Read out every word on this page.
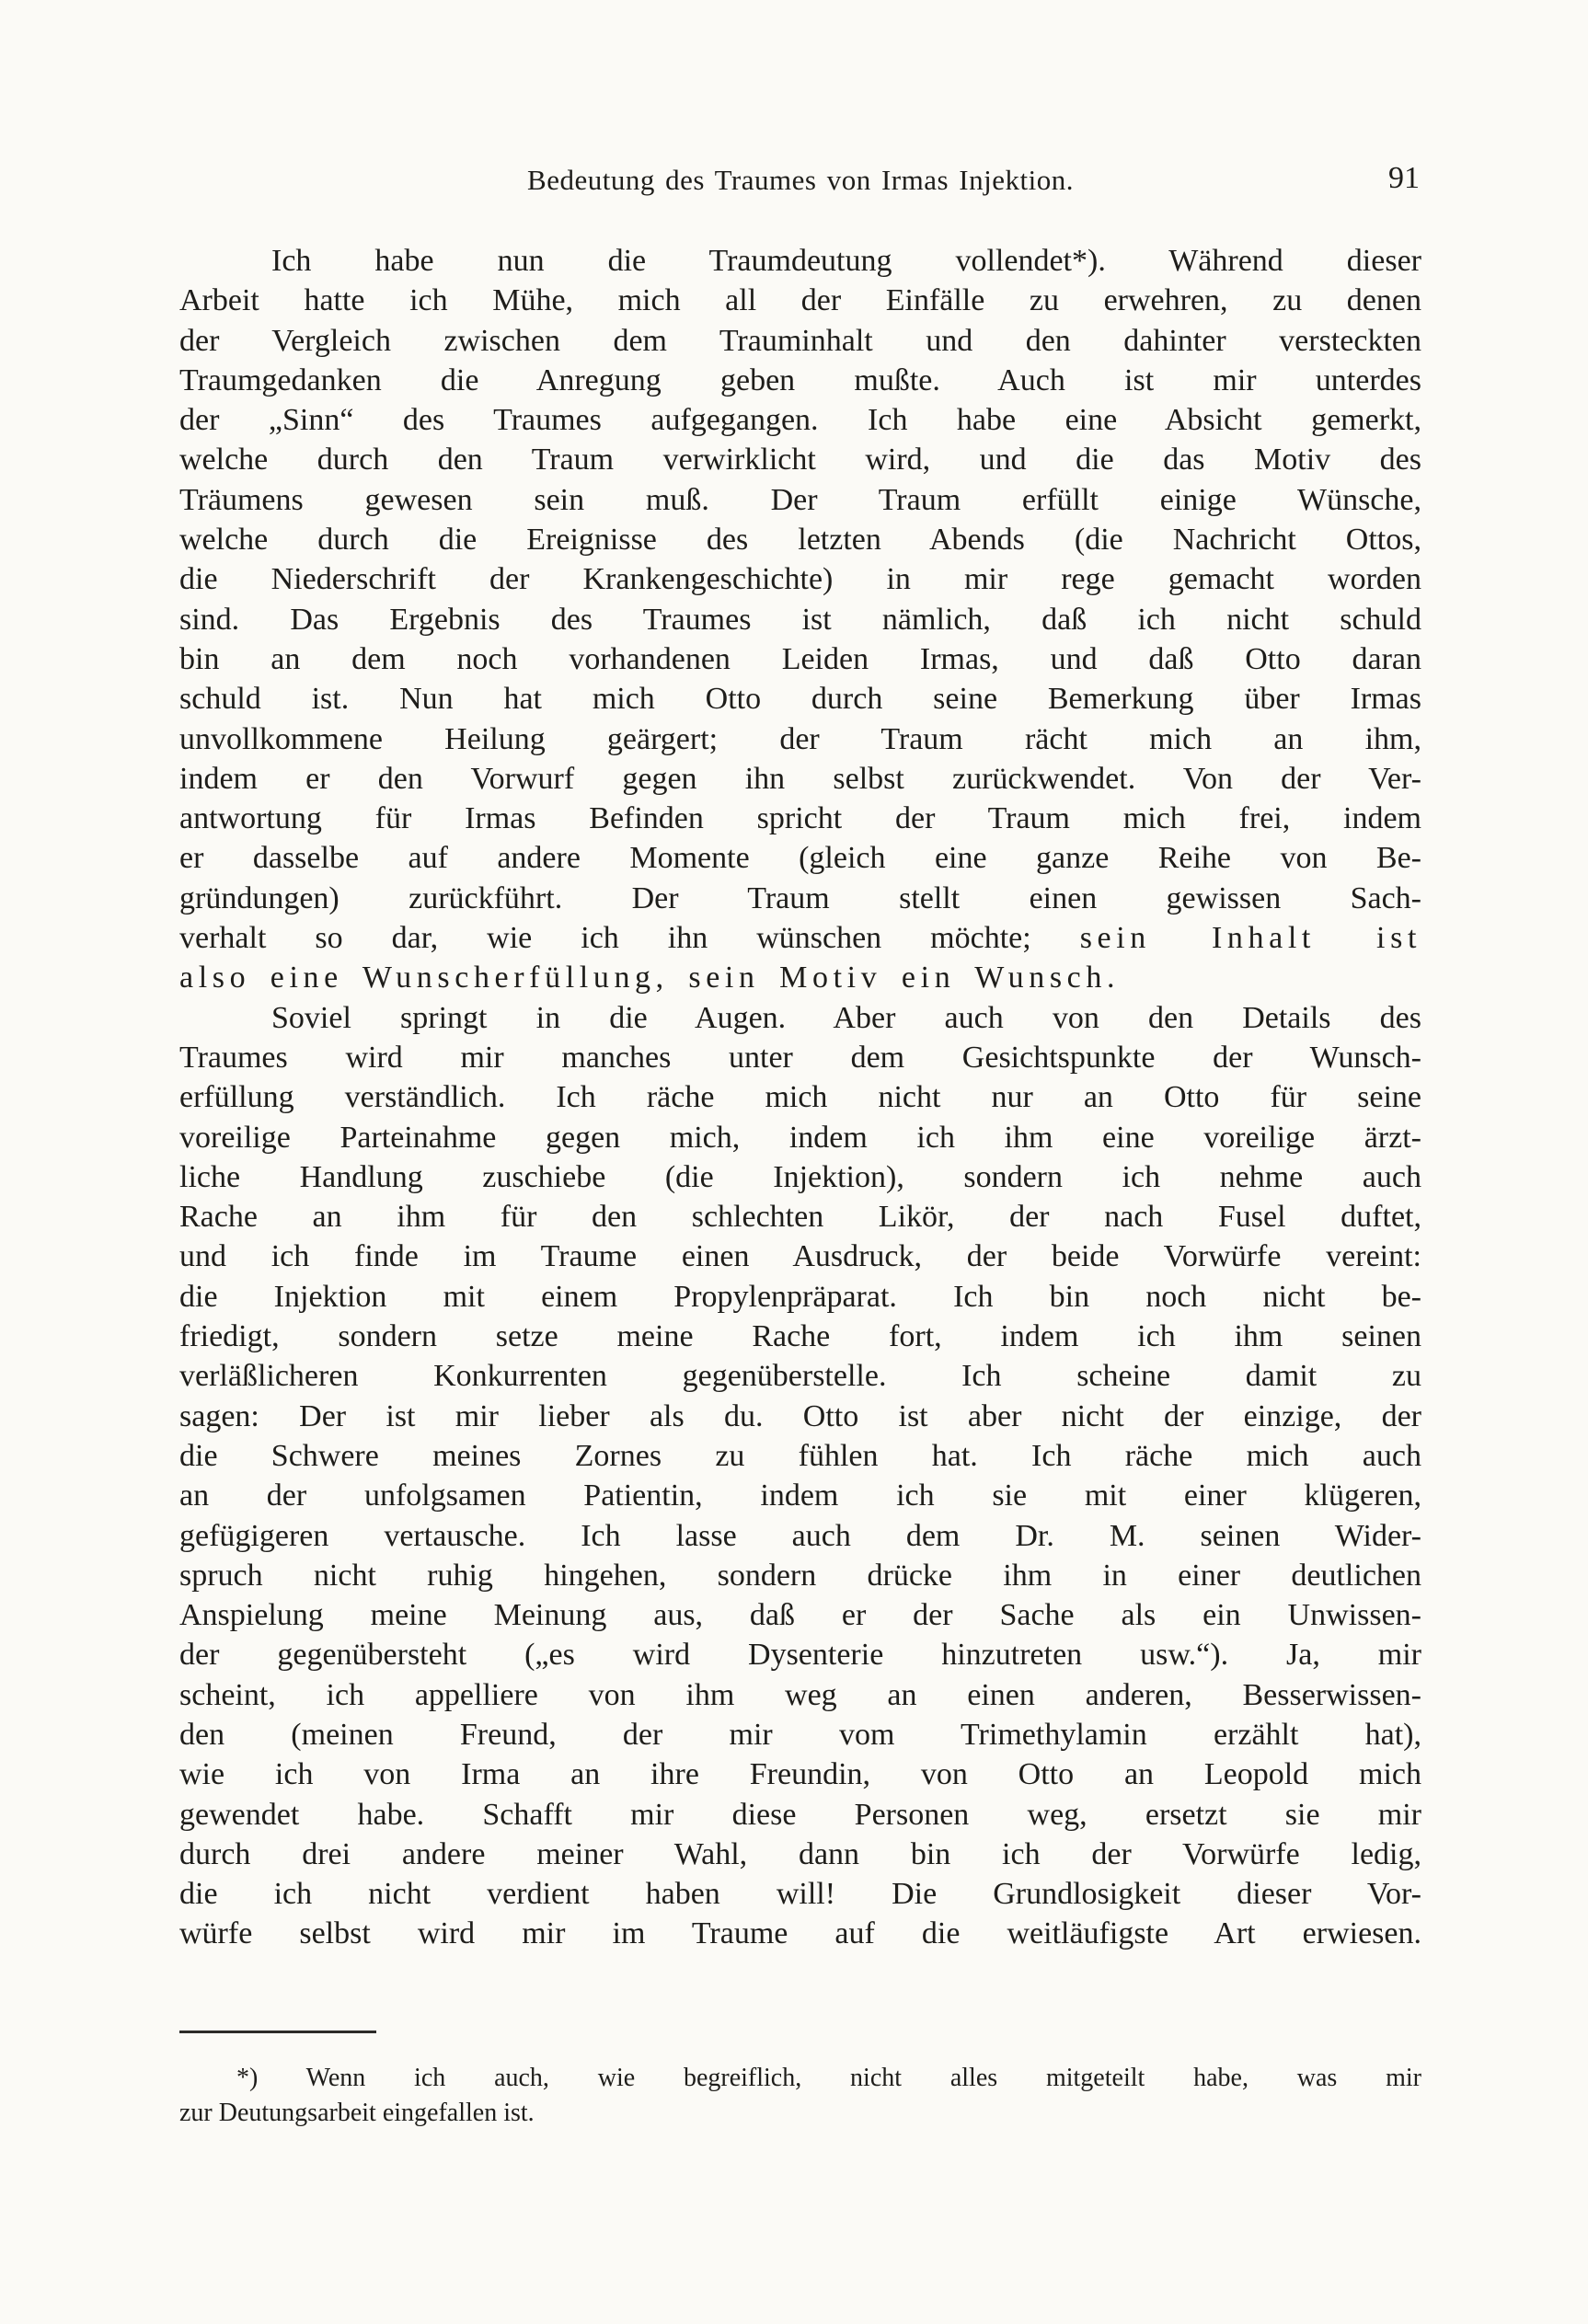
Bedeutung des Traumes von Irmas Injektion.	91
Ich habe nun die Traumdeutung vollendet*). Während dieser
Arbeit hatte ich Mühe, mich all der Einfälle zu erwehren, zu denen
der Vergleich zwischen dem Trauminhalt und den dahinter versteckten
Traumgedanken die Anregung geben mußte. Auch ist mir unterdes
der „Sinn“ des Traumes aufgegangen. Ich habe eine Absicht gemerkt,
welche durch den Traum verwirklicht wird, und die das Motiv des
Träumens gewesen sein muß. Der Traum erfüllt einige Wünsche,
welche durch die Ereignisse des letzten Abends (die Nachricht Ottos,
die Niederschrift der Krankengeschichte) in mir rege gemacht worden
sind. Das Ergebnis des Traumes ist nämlich, daß ich nicht schuld
bin an dem noch vorhandenen Leiden Irmas, und daß Otto daran
schuld ist. Nun hat mich Otto durch seine Bemerkung über Irmas
unvollkommene Heilung geärgert; der Traum rächt mich an ihm,
indem er den Vorwurf gegen ihn selbst zurückwendet. Von der Ver-
antwortung für Irmas Befinden spricht der Traum mich frei, indem
er dasselbe auf andere Momente (gleich eine ganze Reihe von Be-
gründungen) zurückführt. Der Traum stellt einen gewissen Sach-
verhalt so dar, wie ich ihn wünschen möchte; sein Inhalt ist
also eine Wunscherfüllung, sein Motiv ein Wunsch.
Soviel springt in die Augen. Aber auch von den Details des
Traumes wird mir manches unter dem Gesichtspunkte der Wunsch-
erfüllung verständlich. Ich räche mich nicht nur an Otto für seine
voreilige Parteinahme gegen mich, indem ich ihm eine voreilige ärzt-
liche Handlung zuschiebe (die Injektion), sondern ich nehme auch
Rache an ihm für den schlechten Likör, der nach Fusel duftet,
und ich finde im Traume einen Ausdruck, der beide Vorwürfe vereint:
die Injektion mit einem Propylenpräparat. Ich bin noch nicht be-
friedigt, sondern setze meine Rache fort, indem ich ihm seinen
verläßlicheren Konkurrenten gegenüberstelle. Ich scheine damit zu
sagen: Der ist mir lieber als du. Otto ist aber nicht der einzige, der
die Schwere meines Zornes zu fühlen hat. Ich räche mich auch
an der unfolgsamen Patientin, indem ich sie mit einer klügeren,
gefügigeren vertausche. Ich lasse auch dem Dr. M. seinen Wider-
spruch nicht ruhig hingehen, sondern drücke ihm in einer deutlichen
Anspielung meine Meinung aus, daß er der Sache als ein Unwissen-
der gegenübersteht („es wird Dysenterie hinzutreten usw.“). Ja, mir
scheint, ich appelliere von ihm weg an einen anderen, Besserwissen-
den (meinen Freund, der mir vom Trimethylamin erzählt hat),
wie ich von Irma an ihre Freundin, von Otto an Leopold mich
gewendet habe. Schafft mir diese Personen weg, ersetzt sie mir
durch drei andere meiner Wahl, dann bin ich der Vorwürfe ledig,
die ich nicht verdient haben will! Die Grundlosigkeit dieser Vor-
würfe selbst wird mir im Traume auf die weitläufigste Art erwiesen.
*) Wenn ich auch, wie begreiflich, nicht alles mitgeteilt habe, was mir
zur Deutungsarbeit eingefallen ist.
